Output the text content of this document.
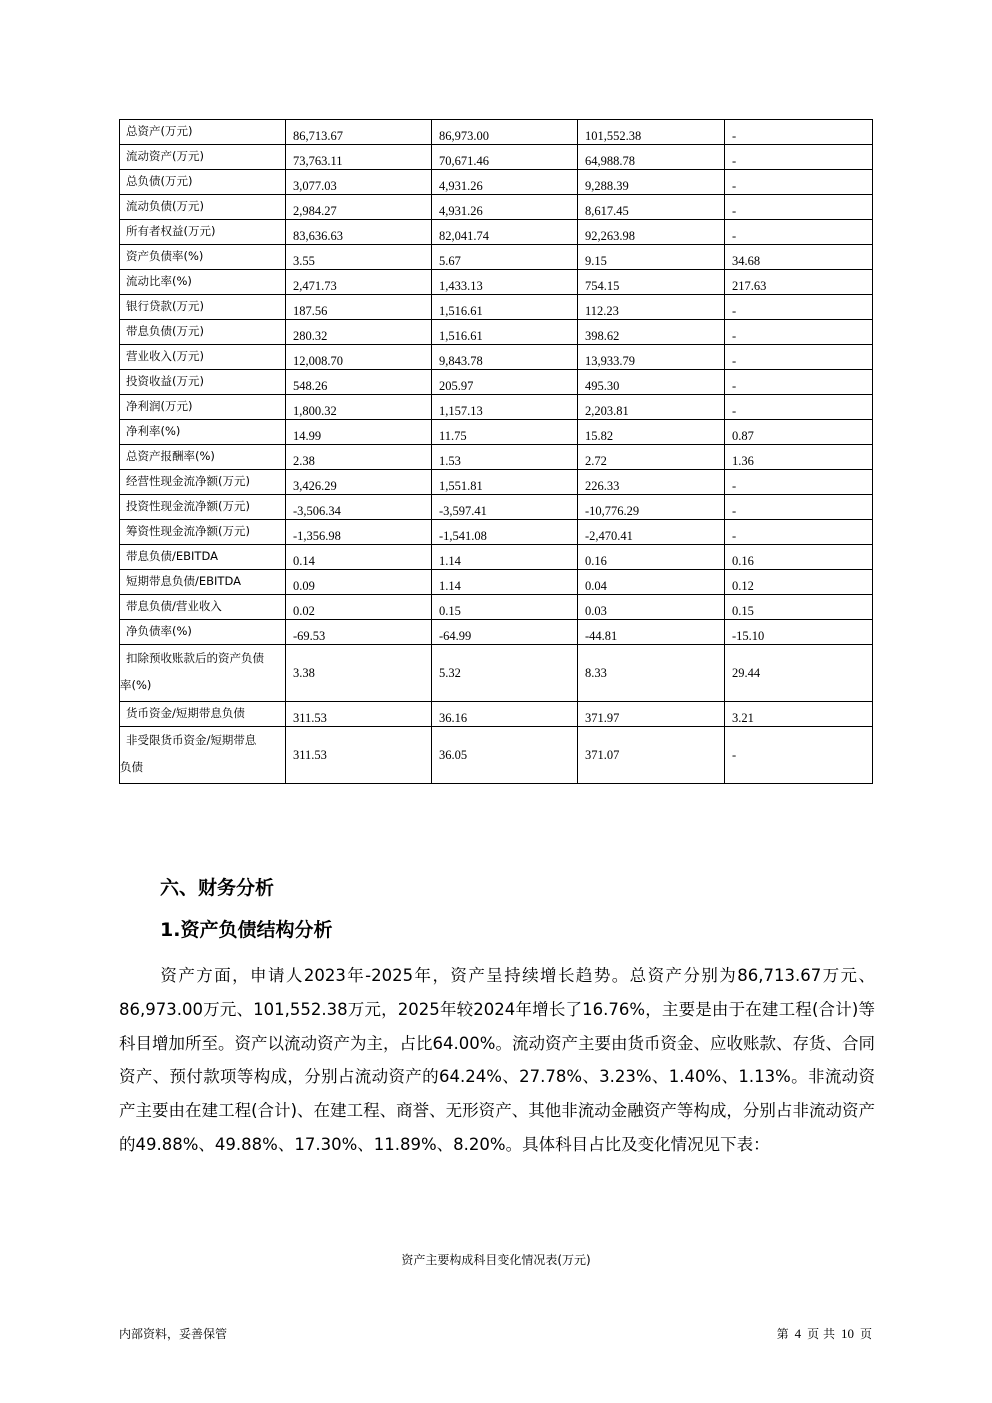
总资产(万元)	86,713.67	86,973.00	101,552.38	-
流动资产(万元)	73,763.11	70,671.46	64,988.78	-
总负债(万元)	3,077.03	4,931.26	9,288.39	-
流动负债(万元)	2,984.27	4,931.26	8,617.45	-
所有者权益(万元)	83,636.63	82,041.74	92,263.98	-
资产负债率(%)	3.55	5.67	9.15	34.68
流动比率(%)	2,471.73	1,433.13	754.15	217.63
银行贷款(万元)	187.56	1,516.61	112.23	-
带息负债(万元)	280.32	1,516.61	398.62	-
营业收入(万元)	12,008.70	9,843.78	13,933.79	-
投资收益(万元)	548.26	205.97	495.30	-
净利润(万元)	1,800.32	1,157.13	2,203.81	-
净利率(%)	14.99	11.75	15.82	0.87
总资产报酬率(%)	2.38	1.53	2.72	1.36
经营性现金流净额(万元)	3,426.29	1,551.81	226.33	-
投资性现金流净额(万元)	-3,506.34	-3,597.41	-10,776.29	-
筹资性现金流净额(万元)	-1,356.98	-1,541.08	-2,470.41	-
带息负债/EBITDA	0.14	1.14	0.16	0.16
短期带息负债/EBITDA	0.09	1.14	0.04	0.12
带息负债/营业收入	0.02	0.15	0.03	0.15
净负债率(%)	-69.53	-64.99	-44.81	-15.10
扣除预收账款后的资产负债
率(%)	3.38	5.32	8.33	29.44
货币资金/短期带息负债	311.53	36.16	371.97	3.21
非受限货币资金/短期带息
负债	311.53	36.05	371.07	-
六、财务分析
1.资产负债结构分析
资产方面，申请人2023年-2025年，资产呈持续增长趋势。总资产分别为86,713.67万元、86,973.00万元、101,552.38万元，2025年较2024年增长了16.76%，主要是由于在建工程(合计)等科目增加所至。资产以流动资产为主，占比64.00%。流动资产主要由货币资金、应收账款、存货、合同资产、预付款项等构成，分别占流动资产的64.24%、27.78%、3.23%、1.40%、1.13%。非流动资产主要由在建工程(合计)、在建工程、商誉、无形资产、其他非流动金融资产等构成，分别占非流动资产的49.88%、49.88%、17.30%、11.89%、8.20%。具体科目占比及变化情况见下表：
资产主要构成科目变化情况表(万元)
内部资料，妥善保管	第 4 页 共 10 页
